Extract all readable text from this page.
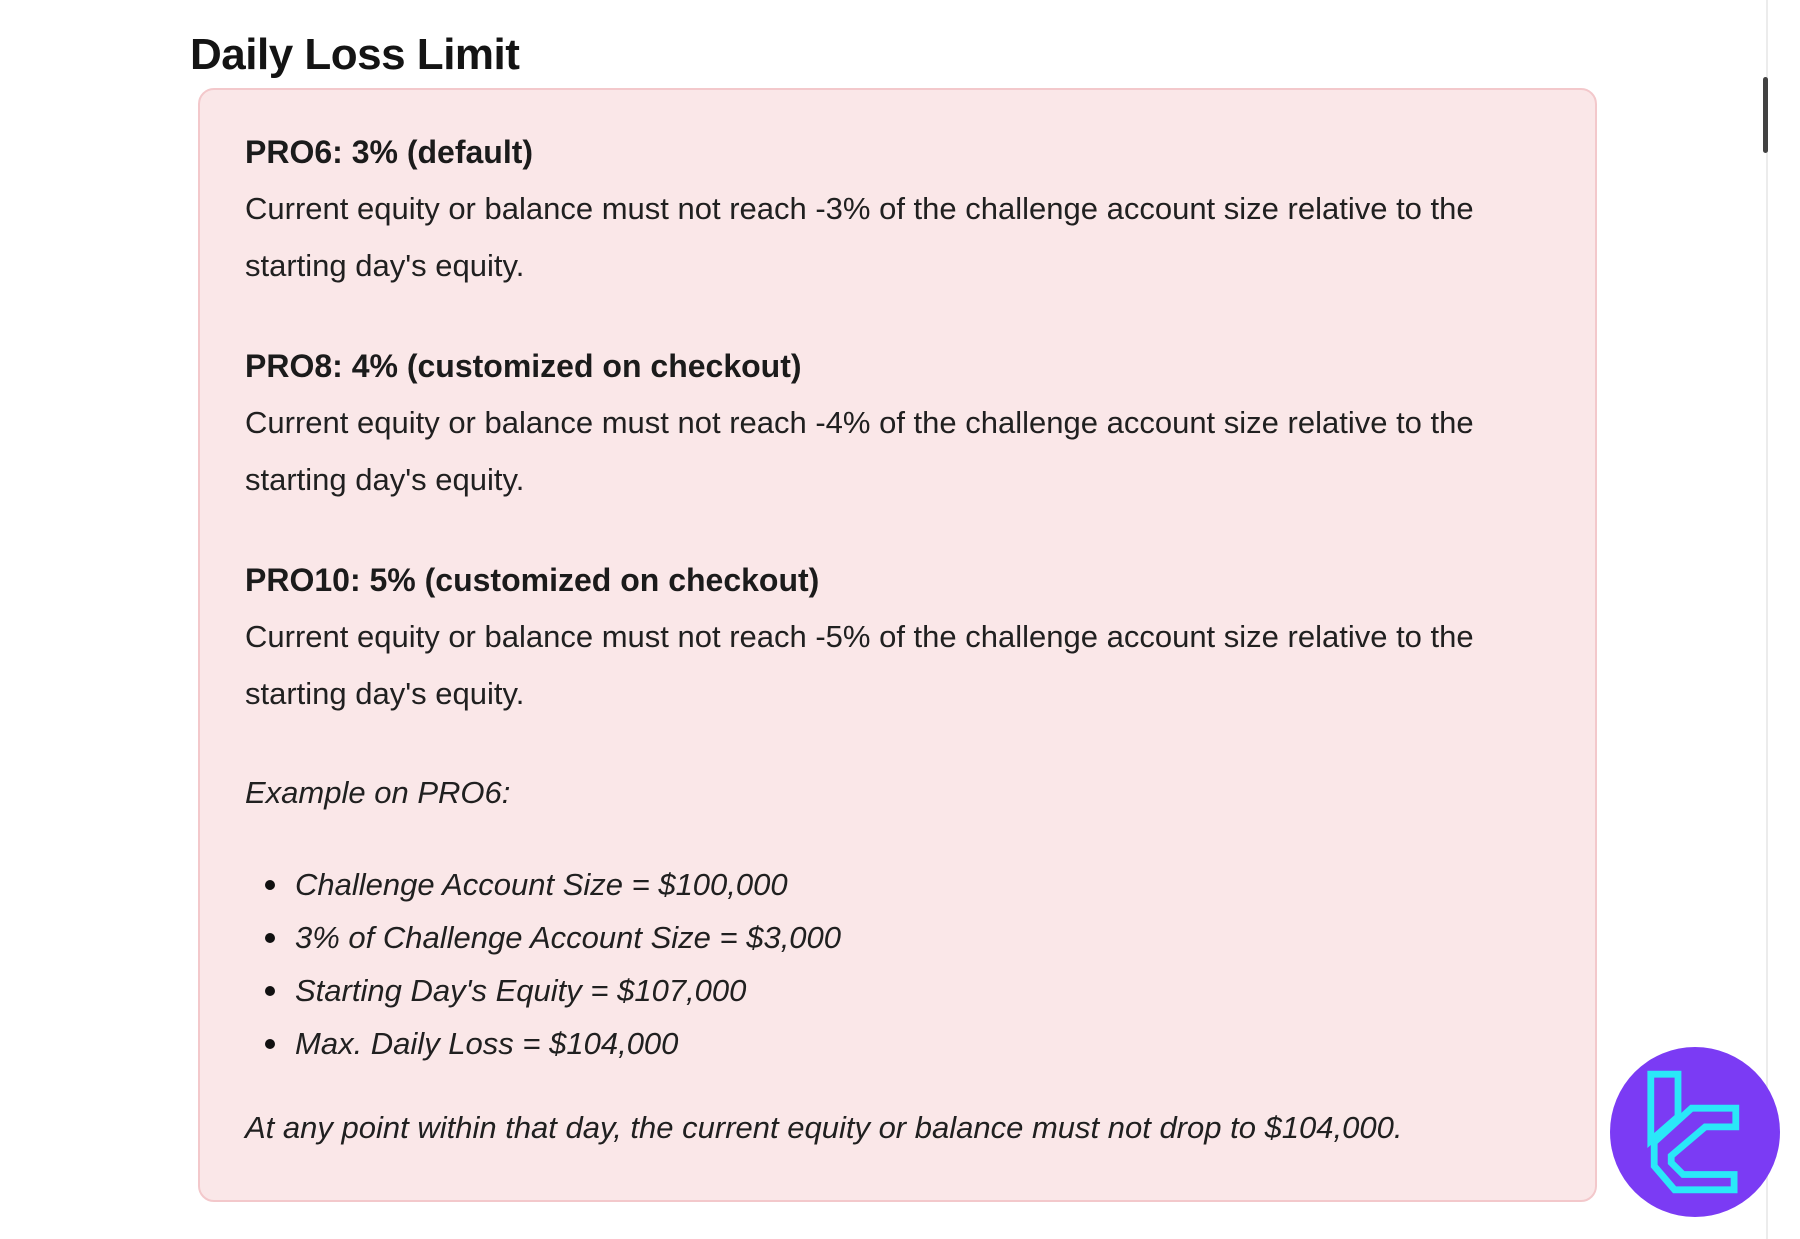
Daily Loss Limit
PRO6: 3% (default)
Current equity or balance must not reach -3% of the challenge account size relative to the starting day's equity.
PRO8: 4% (customized on checkout)
Current equity or balance must not reach -4% of the challenge account size relative to the starting day's equity.
PRO10: 5% (customized on checkout)
Current equity or balance must not reach -5% of the challenge account size relative to the starting day's equity.
Example on PRO6:
Challenge Account Size = $100,000
3% of Challenge Account Size = $3,000
Starting Day's Equity = $107,000
Max. Daily Loss = $104,000
At any point within that day, the current equity or balance must not drop to $104,000.
